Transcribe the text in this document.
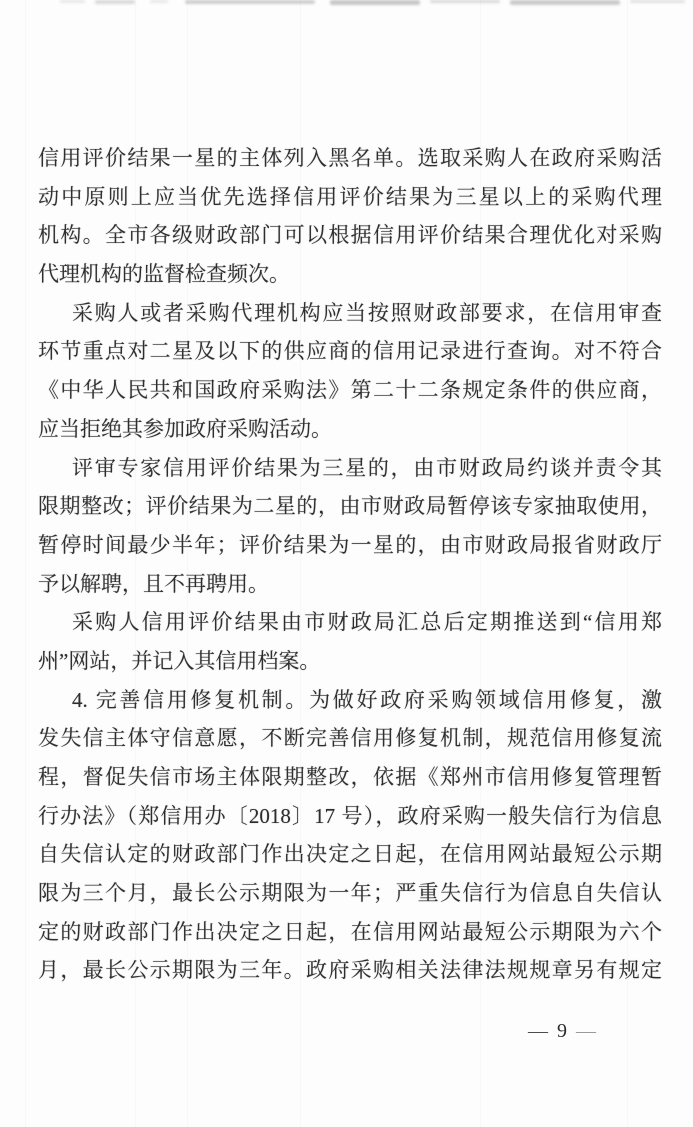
信用评价结果一星的主体列入黑名单。选取采购人在政府采购活
动中原则上应当优先选择信用评价结果为三星以上的采购代理
机构。全市各级财政部门可以根据信用评价结果合理优化对采购
代理机构的监督检查频次。
采购人或者采购代理机构应当按照财政部要求，在信用审查
环节重点对二星及以下的供应商的信用记录进行查询。对不符合
《中华人民共和国政府采购法》第二十二条规定条件的供应商，
应当拒绝其参加政府采购活动。
评审专家信用评价结果为三星的，由市财政局约谈并责令其
限期整改；评价结果为二星的，由市财政局暂停该专家抽取使用，
暂停时间最少半年；评价结果为一星的，由市财政局报省财政厅
予以解聘，且不再聘用。
采购人信用评价结果由市财政局汇总后定期推送到“信用郑
州”网站，并记入其信用档案。
4. 完善信用修复机制。为做好政府采购领域信用修复，激
发失信主体守信意愿，不断完善信用修复机制，规范信用修复流
程，督促失信市场主体限期整改，依据《郑州市信用修复管理暂
行办法》（郑信用办〔2018〕17 号），政府采购一般失信行为信息
自失信认定的财政部门作出决定之日起，在信用网站最短公示期
限为三个月，最长公示期限为一年；严重失信行为信息自失信认
定的财政部门作出决定之日起，在信用网站最短公示期限为六个
月，最长公示期限为三年。政府采购相关法律法规规章另有规定
— 9 —
